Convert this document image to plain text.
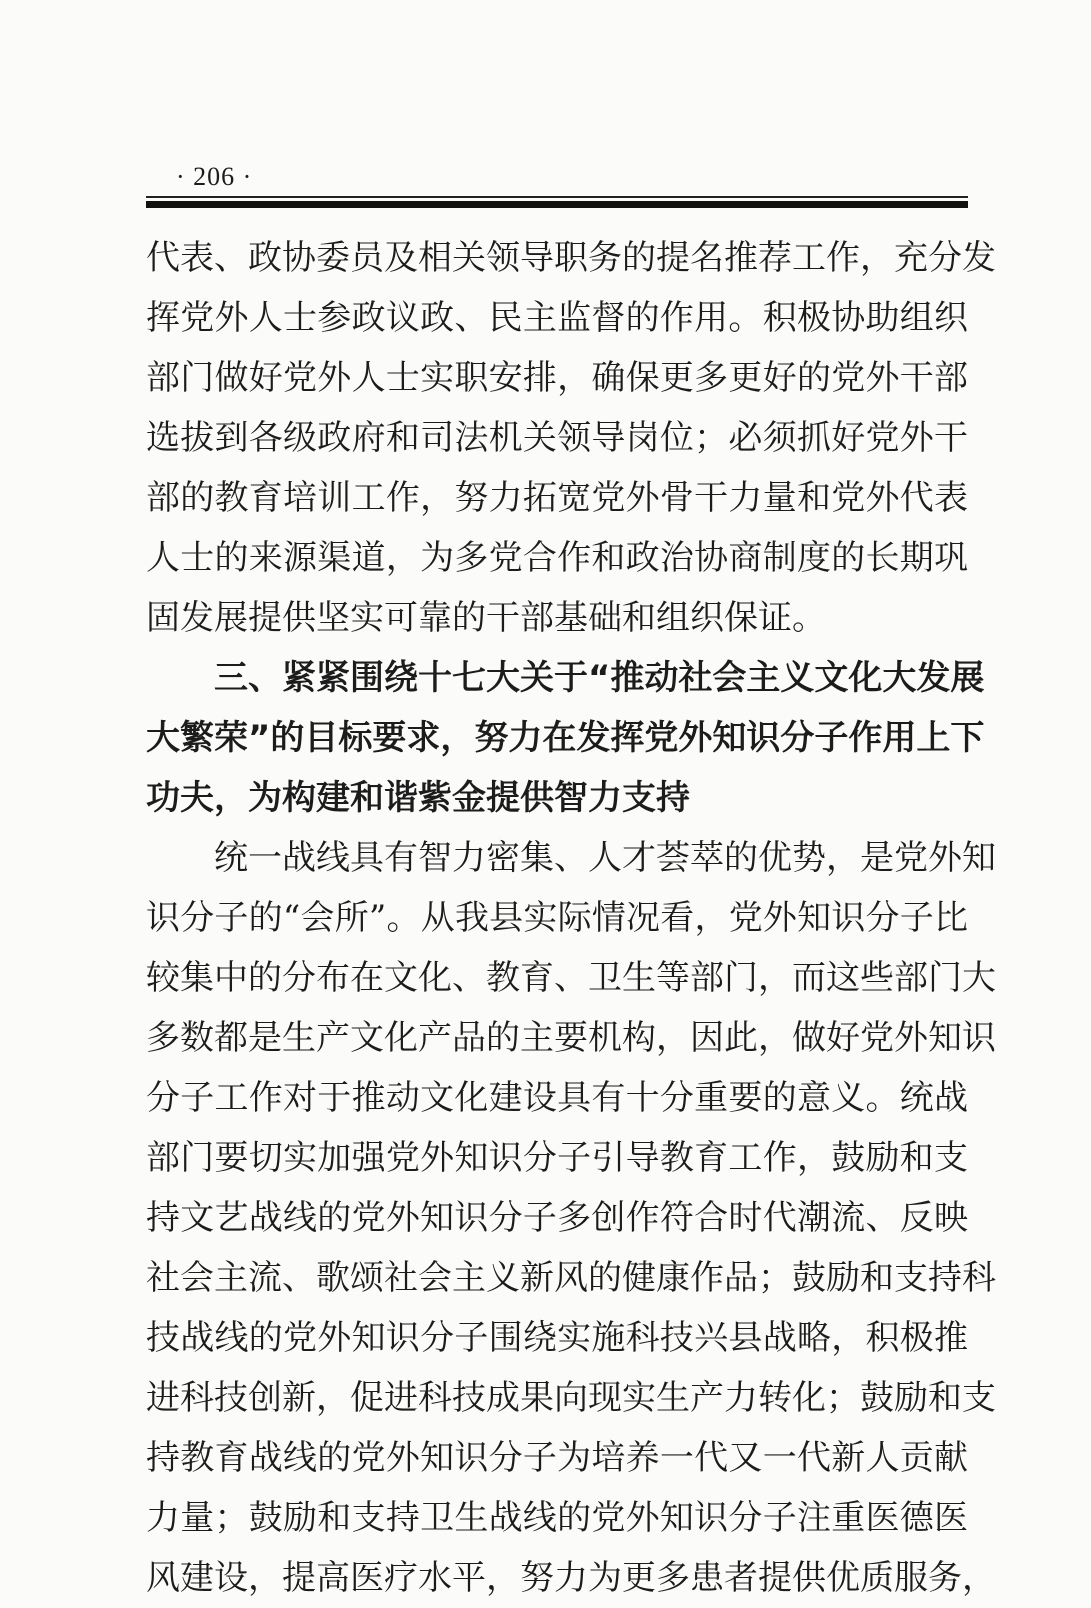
· 206 ·
代表、政协委员及相关领导职务的提名推荐工作，充分发
挥党外人士参政议政、民主监督的作用。积极协助组织
部门做好党外人士实职安排，确保更多更好的党外干部
选拔到各级政府和司法机关领导岗位；必须抓好党外干
部的教育培训工作，努力拓宽党外骨干力量和党外代表
人士的来源渠道，为多党合作和政治协商制度的长期巩
固发展提供坚实可靠的干部基础和组织保证。
三、紧紧围绕十七大关于“推动社会主义文化大发展
大繁荣”的目标要求，努力在发挥党外知识分子作用上下
功夫，为构建和谐紫金提供智力支持
统一战线具有智力密集、人才荟萃的优势，是党外知
识分子的“会所”。从我县实际情况看，党外知识分子比
较集中的分布在文化、教育、卫生等部门，而这些部门大
多数都是生产文化产品的主要机构，因此，做好党外知识
分子工作对于推动文化建设具有十分重要的意义。统战
部门要切实加强党外知识分子引导教育工作，鼓励和支
持文艺战线的党外知识分子多创作符合时代潮流、反映
社会主流、歌颂社会主义新风的健康作品；鼓励和支持科
技战线的党外知识分子围绕实施科技兴县战略，积极推
进科技创新，促进科技成果向现实生产力转化；鼓励和支
持教育战线的党外知识分子为培养一代又一代新人贡献
力量；鼓励和支持卫生战线的党外知识分子注重医德医
风建设，提高医疗水平，努力为更多患者提供优质服务，
